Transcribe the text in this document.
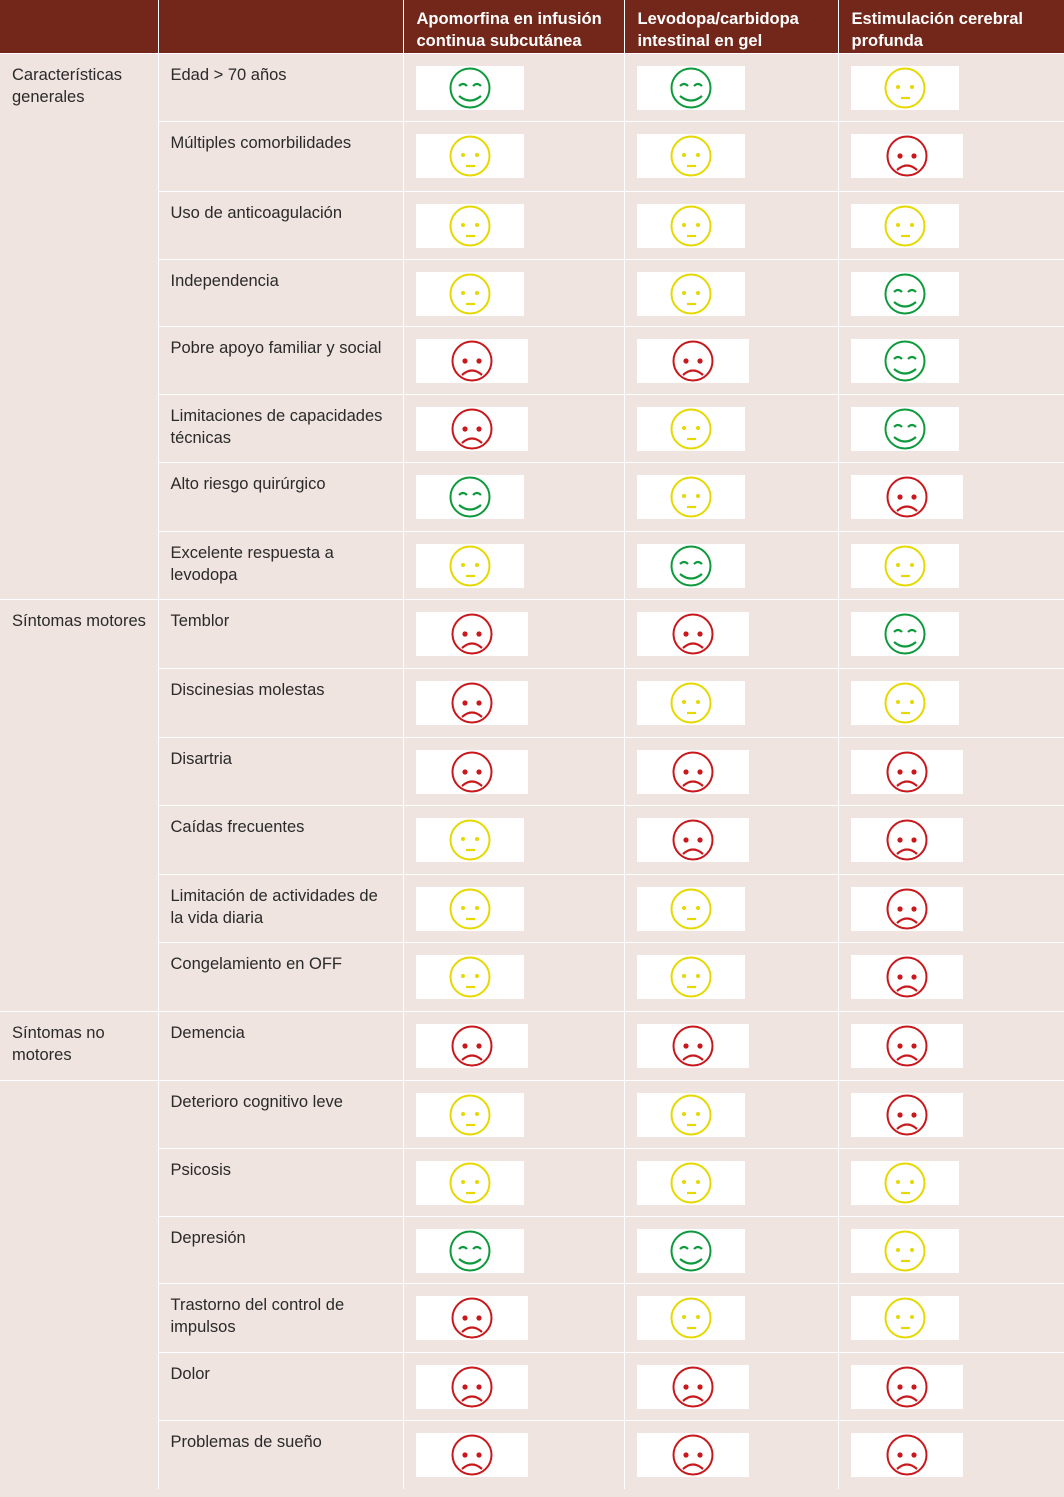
		Apomorfina en infusión continua subcutánea	Levodopa/carbidopa intestinal en gel	Estimulación cerebral profunda
Características generales	Edad > 70 años	

	Múltiples comorbilidades	

	Uso de anticoagulación	

	Independencia	

	Pobre apoyo familiar y social	

	Limitaciones de capacidades técnicas	

	Alto riesgo quirúrgico	

	Excelente respuesta a levodopa	

Síntomas motores	Temblor	

	Discinesias molestas	

	Disartria	

	Caídas frecuentes	

	Limitación de actividades de la vida diaria	

	Congelamiento en OFF	

Síntomas no motores	Demencia	

	Deterioro cognitivo leve	

	Psicosis	

	Depresión	

	Trastorno del control de impulsos	

	Dolor	

	Problemas de sueño	
